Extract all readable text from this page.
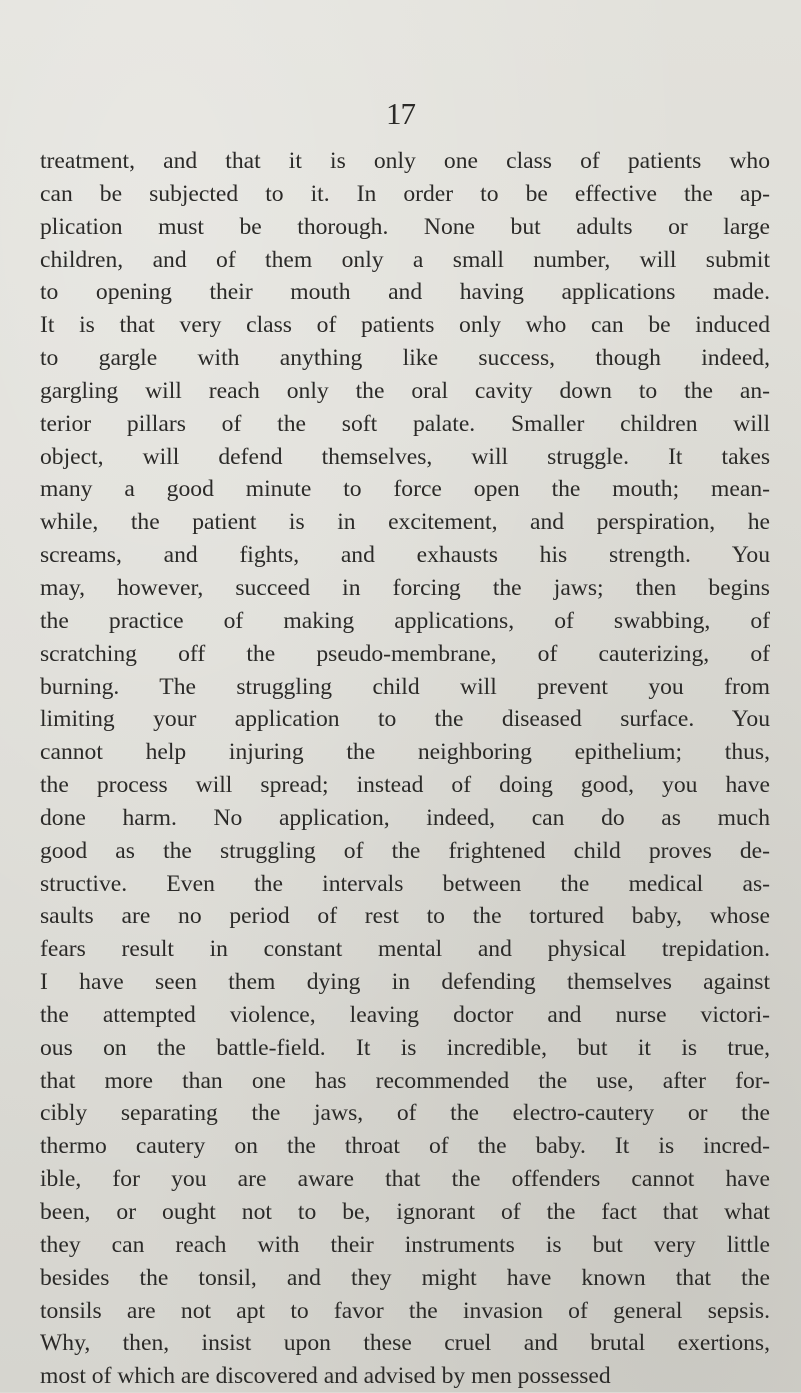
17
treatment, and that it is only one class of patients who
can be subjected to it. In order to be effective the ap-
plication must be thorough. None but adults or large
children, and of them only a small number, will submit
to opening their mouth and having applications made.
It is that very class of patients only who can be induced
to gargle with anything like success, though indeed,
gargling will reach only the oral cavity down to the an-
terior pillars of the soft palate. Smaller children will
object, will defend themselves, will struggle. It takes
many a good minute to force open the mouth; mean-
while, the patient is in excitement, and perspiration, he
screams, and fights, and exhausts his strength. You
may, however, succeed in forcing the jaws; then begins
the practice of making applications, of swabbing, of
scratching off the pseudo-membrane, of cauterizing, of
burning. The struggling child will prevent you from
limiting your application to the diseased surface. You
cannot help injuring the neighboring epithelium; thus,
the process will spread; instead of doing good, you have
done harm. No application, indeed, can do as much
good as the struggling of the frightened child proves de-
structive. Even the intervals between the medical as-
saults are no period of rest to the tortured baby, whose
fears result in constant mental and physical trepidation.
I have seen them dying in defending themselves against
the attempted violence, leaving doctor and nurse victori-
ous on the battle-field. It is incredible, but it is true,
that more than one has recommended the use, after for-
cibly separating the jaws, of the electro-cautery or the
thermo cautery on the throat of the baby. It is incred-
ible, for you are aware that the offenders cannot have
been, or ought not to be, ignorant of the fact that what
they can reach with their instruments is but very little
besides the tonsil, and they might have known that the
tonsils are not apt to favor the invasion of general sepsis.
Why, then, insist upon these cruel and brutal exertions,
most of which are discovered and advised by men possessed
